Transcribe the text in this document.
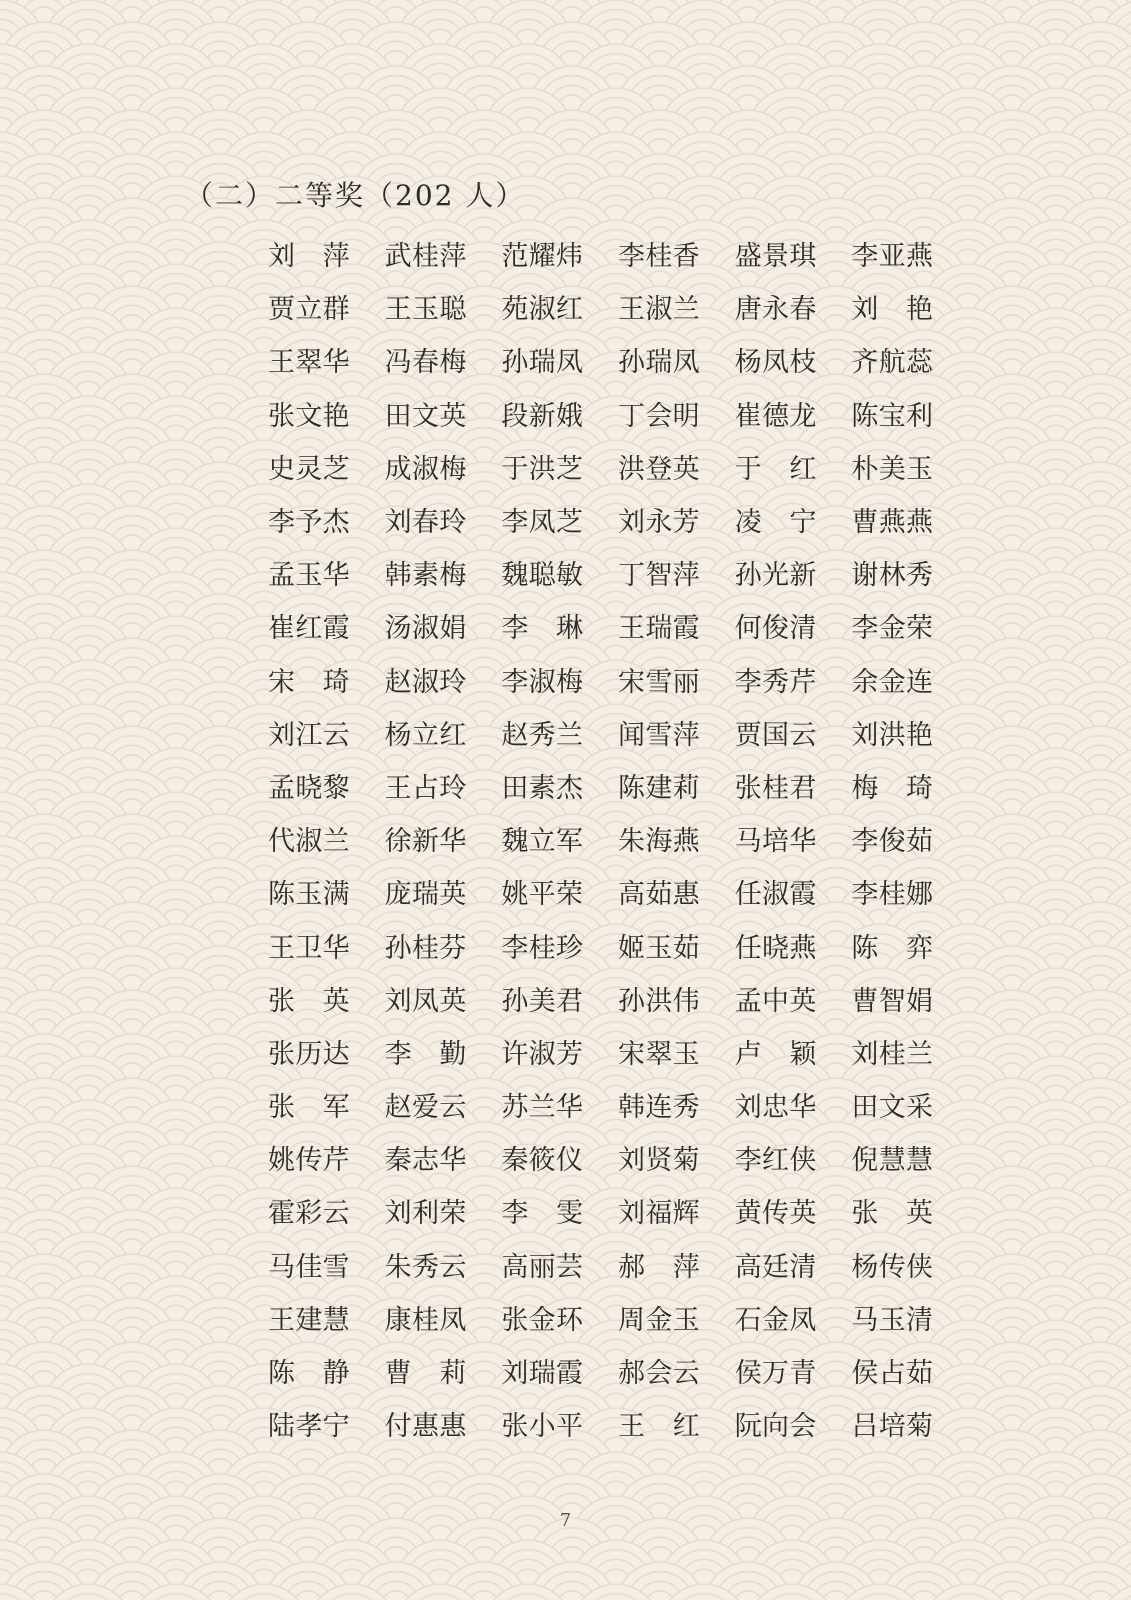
（二）二等奖（202 人）
刘 萍 武 桂 萍 范 耀 炜 李 桂 香 盛 景 琪 李 亚 燕
贾 立 群 王 玉 聪 苑 淑 红 王 淑 兰 唐 永 春 刘 艳
王 翠 华 冯 春 梅 孙 瑞 凤 孙 瑞 凤 杨 凤 枝 齐 航 蕊
张 文 艳 田 文 英 段 新 娥 丁 会 明 崔 德 龙 陈 宝 利
史 灵 芝 成 淑 梅 于 洪 芝 洪 登 英 于 红 朴 美 玉
李 予 杰 刘 春 玲 李 凤 芝 刘 永 芳 凌 宁 曹 燕 燕
孟 玉 华 韩 素 梅 魏 聪 敏 丁 智 萍 孙 光 新 谢 林 秀
崔 红 霞 汤 淑 娟 李 琳 王 瑞 霞 何 俊 清 李 金 荣
宋 琦 赵 淑 玲 李 淑 梅 宋 雪 丽 李 秀 芹 余 金 连
刘 江 云 杨 立 红 赵 秀 兰 闻 雪 萍 贾 国 云 刘 洪 艳
孟 晓 黎 王 占 玲 田 素 杰 陈 建 莉 张 桂 君 梅 琦
代 淑 兰 徐 新 华 魏 立 军 朱 海 燕 马 培 华 李 俊 茹
陈 玉 满 庞 瑞 英 姚 平 荣 高 茹 惠 任 淑 霞 李 桂 娜
王 卫 华 孙 桂 芬 李 桂 珍 姬 玉 茹 任 晓 燕 陈 弈
张 英 刘 凤 英 孙 美 君 孙 洪 伟 孟 中 英 曹 智 娟
张 历 达 李 勤 许 淑 芳 宋 翠 玉 卢 颖 刘 桂 兰
张 军 赵 爱 云 苏 兰 华 韩 连 秀 刘 忠 华 田 文 采
姚 传 芹 秦 志 华 秦 筱 仪 刘 贤 菊 李 红 侠 倪 慧 慧
霍 彩 云 刘 利 荣 李 雯 刘 福 辉 黄 传 英 张 英
马 佳 雪 朱 秀 云 高 丽 芸 郝 萍 高 廷 清 杨 传 侠
王 建 慧 康 桂 凤 张 金 环 周 金 玉 石 金 凤 马 玉 清
陈 静 曹 莉 刘 瑞 霞 郝 会 云 侯 万 青 侯 占 茹
陆 孝 宁 付 惠 惠 张 小 平 王 红 阮 向 会 吕 培 菊
7
